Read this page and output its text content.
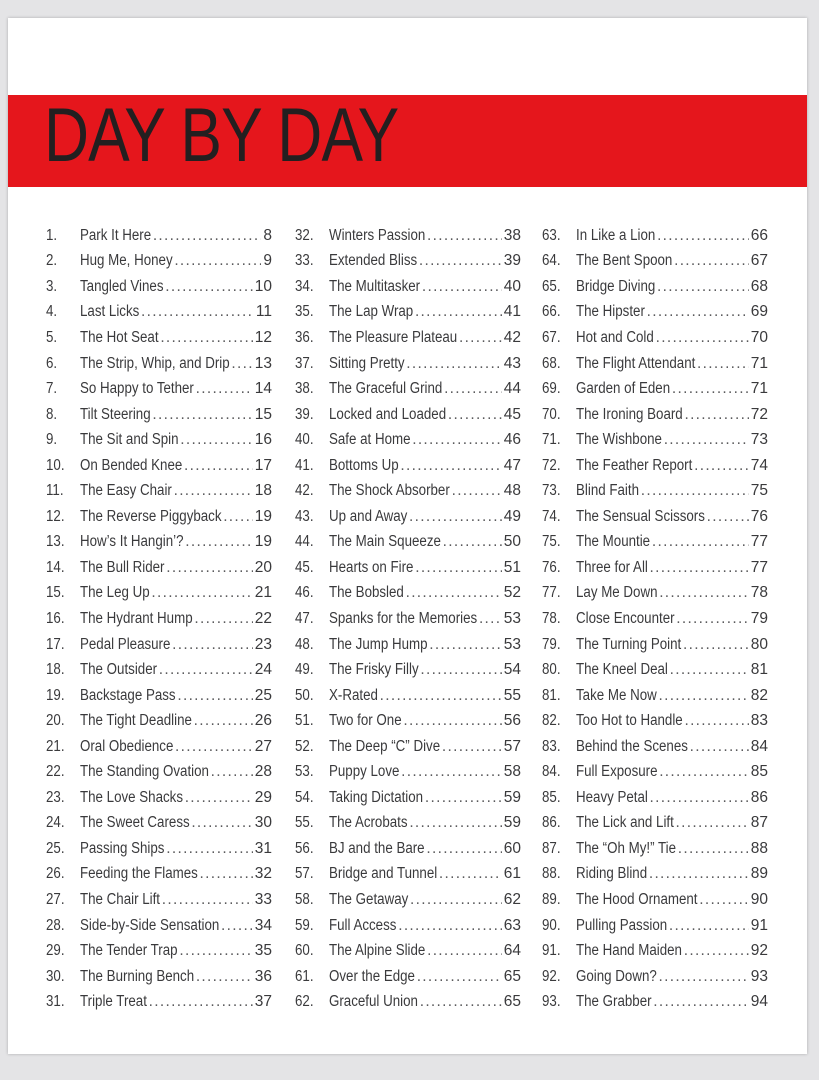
DAY BY DAY
1.	Park It Here . . .	8
2.	Hug Me, Honey . . .	9
3.	Tangled Vines . . .	10
4.	Last Licks . . .	11
5.	The Hot Seat . . .	12
6.	The Strip, Whip, and Drip . . . 13
7.	So Happy to Tether . . .	14
8.	Tilt Steering . . .	15
9.	The Sit and Spin . . .	16
10. On Bended Knee . . .	17
11.	The Easy Chair . . .	18
12. The Reverse Piggyback . . . 19
13. How’s It Hangin’? . . .	19
14. The Bull Rider . . .	20
15. The Leg Up . . .	21
16. The Hydrant Hump . . .	22
17. Pedal Pleasure . . .	23
18. The Outsider . . .	24
19. Backstage Pass . . .	25
20. The Tight Deadline . . .	26
21. Oral Obedience . . .	27
22. The Standing Ovation . . .	28
23. The Love Shacks . . .	29
24. The Sweet Caress . . .	30
25. Passing Ships . . .	31
26. Feeding the Flames . . .	32
27. The Chair Lift . . .	33
28. Side-by-Side Sensation . . . 34
29. The Tender Trap . . .	35
30. The Burning Bench . . .	36
31. Triple Treat . . .	37
32. Winters Passion . . .	38
33. Extended Bliss . . .	39
34. The Multitasker . . .	40
35. The Lap Wrap . . .	41
36. The Pleasure Plateau . . .	42
37. Sitting Pretty . . .	43
38. The Graceful Grind . . .	44
39. Locked and Loaded . . .	45
40. Safe at Home . . .	46
41. Bottoms Up . . .	47
42. The Shock Absorber . . .	48
43. Up and Away . . .	49
44. The Main Squeeze . . .	50
45. Hearts on Fire . . .	51
46. The Bobsled . . .	52
47. Spanks for the Memories . . . 53
48. The Jump Hump . . .	53
49. The Frisky Filly . . .	54
50. X-Rated . . .	55
51. Two for One . . .	56
52. The Deep “C” Dive . . .	57
53. Puppy Love . . .	58
54. Taking Dictation . . .	59
55. The Acrobats . . .	59
56. BJ and the Bare . . .	60
57. Bridge and Tunnel . . .	61
58. The Getaway . . .	62
59. Full Access . . .	63
60. The Alpine Slide . . .	64
61. Over the Edge . . .	65
62. Graceful Union . . .	65
63. In Like a Lion . . .	66
64. The Bent Spoon . . .	67
65. Bridge Diving . . .	68
66. The Hipster . . .	69
67. Hot and Cold . . .	70
68. The Flight Attendant . . .	71
69. Garden of Eden . . .	71
70. The Ironing Board . . .	72
71. The Wishbone . . .	73
72. The Feather Report . . .	74
73. Blind Faith . . .	75
74. The Sensual Scissors . . .	76
75. The Mountie . . .	77
76. Three for All . . .	77
77. Lay Me Down . . .	78
78. Close Encounter . . .	79
79. The Turning Point . . .	80
80. The Kneel Deal . . .	81
81. Take Me Now . . .	82
82. Too Hot to Handle . . .	83
83. Behind the Scenes . . .	84
84. Full Exposure . . .	85
85. Heavy Petal . . .	86
86. The Lick and Lift . . .	87
87. The “Oh My!” Tie . . .	88
88. Riding Blind . . .	89
89. The Hood Ornament . . .	90
90. Pulling Passion . . .	91
91. The Hand Maiden . . .	92
92. Going Down? . . .	93
93. The Grabber . . .	94
